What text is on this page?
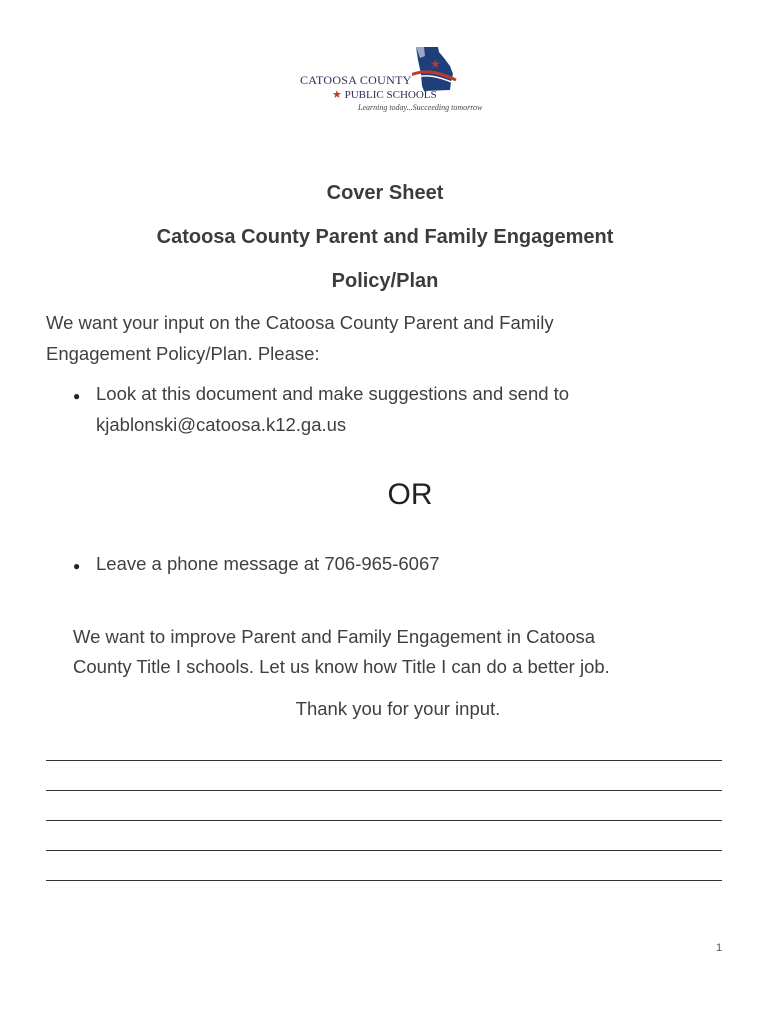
★
CATOOSA COUNTY
★ PUBLIC SCHOOLS
Learning today...Succeeding tomorrow
Cover Sheet
Catoosa County Parent and Family Engagement
Policy/Plan
We want your input on the Catoosa County Parent and Family
Engagement Policy/Plan. Please:
● Look at this document and make suggestions and send to
kjablonski@catoosa.k12.ga.us
OR
● Leave a phone message at 706-965-6067
We want to improve Parent and Family Engagement in Catoosa
County Title I schools. Let us know how Title I can do a better job.
Thank you for your input.
1
